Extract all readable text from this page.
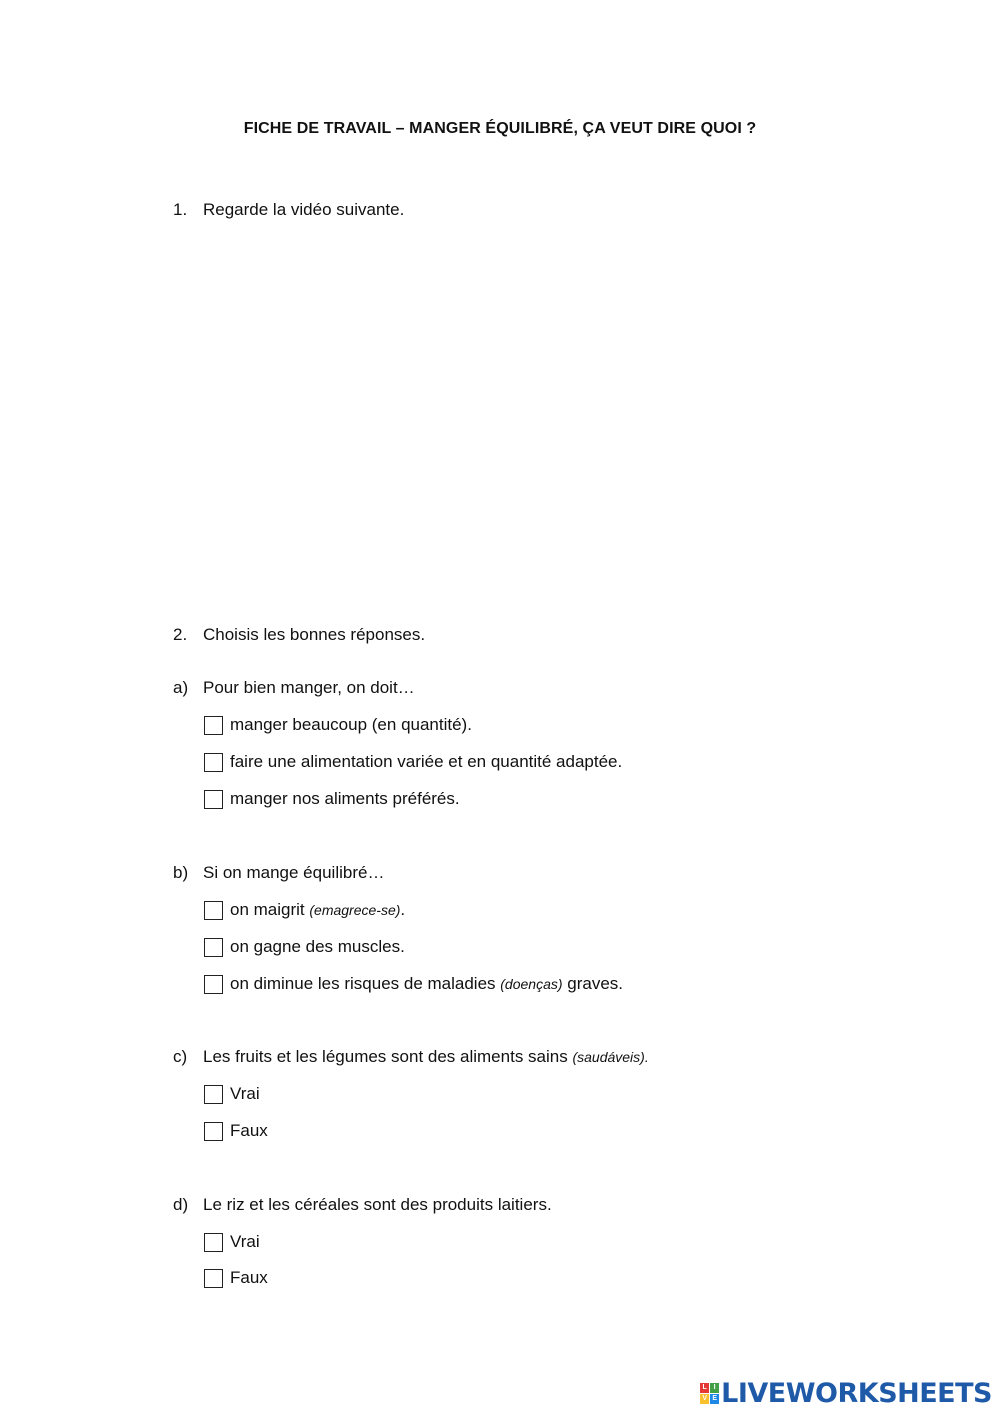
FICHE DE TRAVAIL – MANGER ÉQUILIBRÉ, ÇA VEUT DIRE QUOI ?
1. Regarde la vidéo suivante.
2. Choisis les bonnes réponses.
a) Pour bien manger, on doit…
manger beaucoup (en quantité).
faire une alimentation variée et en quantité adaptée.
manger nos aliments préférés.
b) Si on mange équilibré…
on maigrit (emagrece-se).
on gagne des muscles.
on diminue les risques de maladies (doenças) graves.
c) Les fruits et les légumes sont des aliments sains (saudáveis).
Vrai
Faux
d) Le riz et les céréales sont des produits laitiers.
Vrai
Faux
L I
V E LIVEWORKSHEETS
